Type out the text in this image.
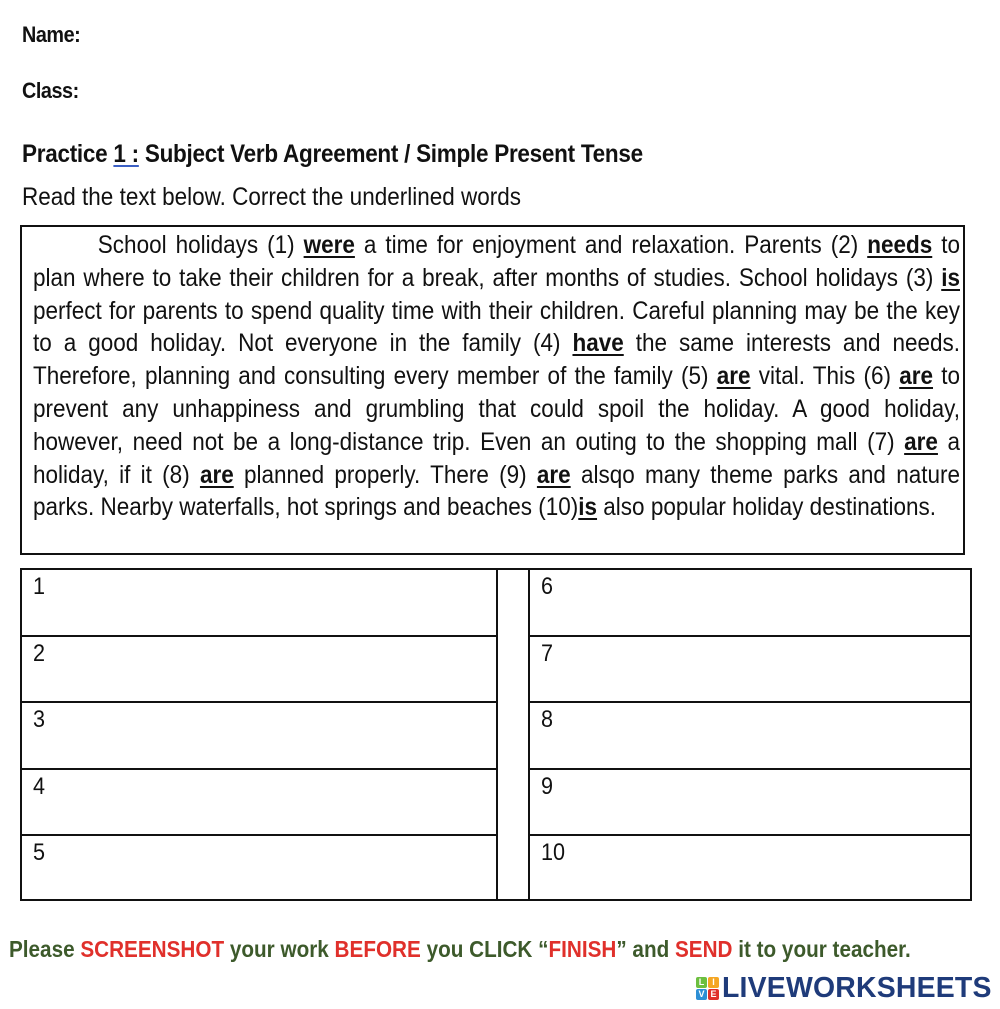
Name:
Class:
Practice 1 : Subject Verb Agreement / Simple Present Tense
Read the text below. Correct the underlined words

School holidays (1) were a time for enjoyment and relaxation. Parents (2) needs to plan where to take their children for a break, after months of studies. School holidays (3) is perfect for parents to spend quality time with their children. Careful planning may be the key to a good holiday. Not everyone in the family (4) have the same interests and needs. Therefore, planning and consulting every member of the family (5) are vital. This (6) are to prevent any unhappiness and grumbling that could spoil the holiday. A good holiday, however, need not be a long-distance trip. Even an outing to the shopping mall (7) are a holiday, if it (8) are planned properly. There (9) are alsqo many theme parks and nature parks. Nearby waterfalls, hot springs and beaches (10)is also popular holiday destinations.

1
2
3
4
5
6
7
8
9
10
Please SCREENSHOT your work BEFORE you CLICK “FINISH” and SEND it to your teacher.
L I
V E LIVEWORKSHEETS
